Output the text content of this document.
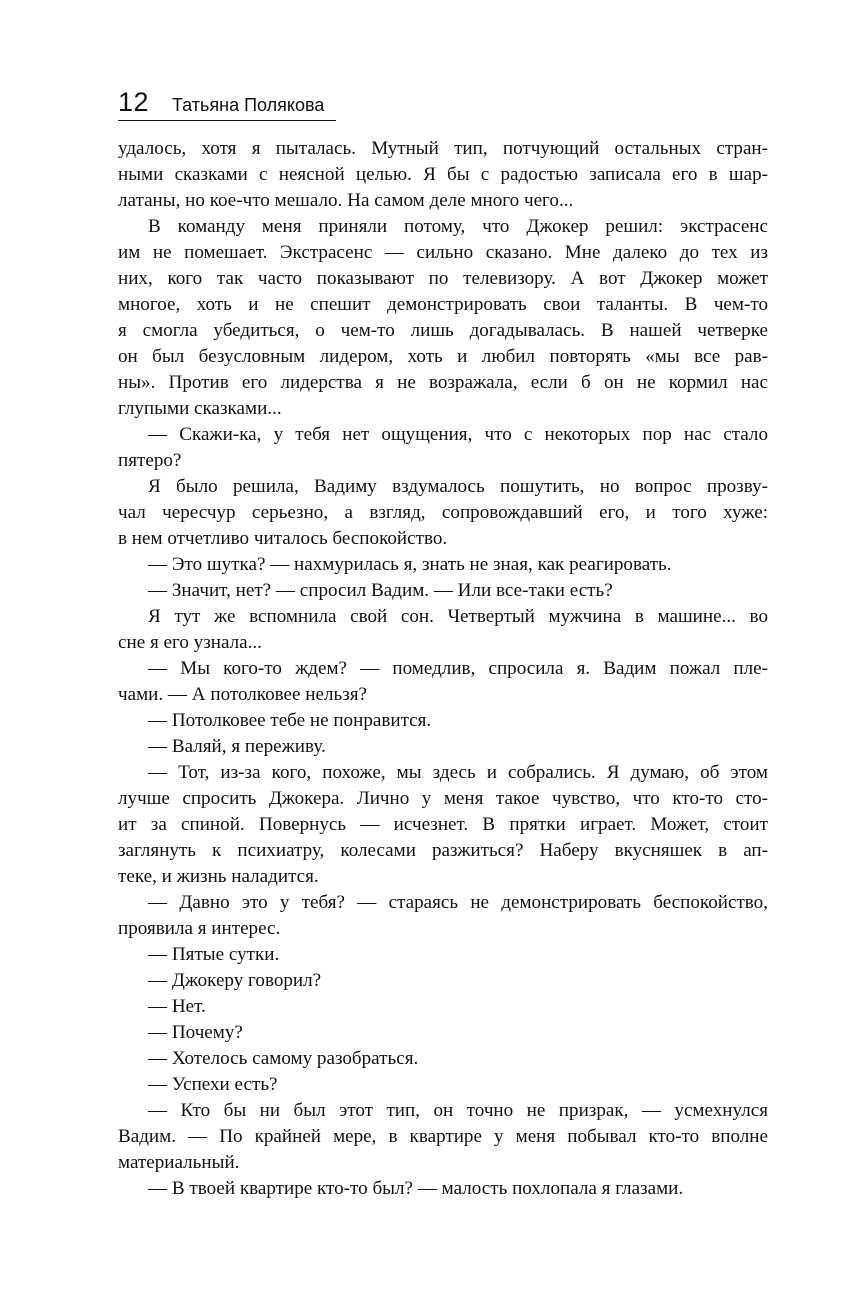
12 Татьяна Полякова
удалось, хотя я пыталась. Мутный тип, потчующий остальных стран-
ными сказками с неясной целью. Я бы с радостью записала его в шар-
латаны, но кое-что мешало. На самом деле много чего...
В команду меня приняли потому, что Джокер решил: экстрасенс
им не помешает. Экстрасенс — сильно сказано. Мне далеко до тех из
них, кого так часто показывают по телевизору. А вот Джокер может
многое, хоть и не спешит демонстрировать свои таланты. В чем-то
я смогла убедиться, о чем-то лишь догадывалась. В нашей четверке
он был безусловным лидером, хоть и любил повторять «мы все рав-
ны». Против его лидерства я не возражала, если б он не кормил нас
глупыми сказками...
— Скажи-ка, у тебя нет ощущения, что с некоторых пор нас стало
пятеро?
Я было решила, Вадиму вздумалось пошутить, но вопрос прозву-
чал чересчур серьезно, а взгляд, сопровождавший его, и того хуже:
в нем отчетливо читалось беспокойство.
— Это шутка? — нахмурилась я, знать не зная, как реагировать.
— Значит, нет? — спросил Вадим. — Или все-таки есть?
Я тут же вспомнила свой сон. Четвертый мужчина в машине... во
сне я его узнала...
— Мы кого-то ждем? — помедлив, спросила я. Вадим пожал пле-
чами. — А потолковее нельзя?
— Потолковее тебе не понравится.
— Валяй, я переживу.
— Тот, из-за кого, похоже, мы здесь и собрались. Я думаю, об этом
лучше спросить Джокера. Лично у меня такое чувство, что кто-то сто-
ит за спиной. Повернусь — исчезнет. В прятки играет. Может, стоит
заглянуть к психиатру, колесами разжиться? Наберу вкусняшек в ап-
теке, и жизнь наладится.
— Давно это у тебя? — стараясь не демонстрировать беспокойство,
проявила я интерес.
— Пятые сутки.
— Джокеру говорил?
— Нет.
— Почему?
— Хотелось самому разобраться.
— Успехи есть?
— Кто бы ни был этот тип, он точно не призрак, — усмехнулся
Вадим. — По крайней мере, в квартире у меня побывал кто-то вполне
материальный.
— В твоей квартире кто-то был? — малость похлопала я глазами.
